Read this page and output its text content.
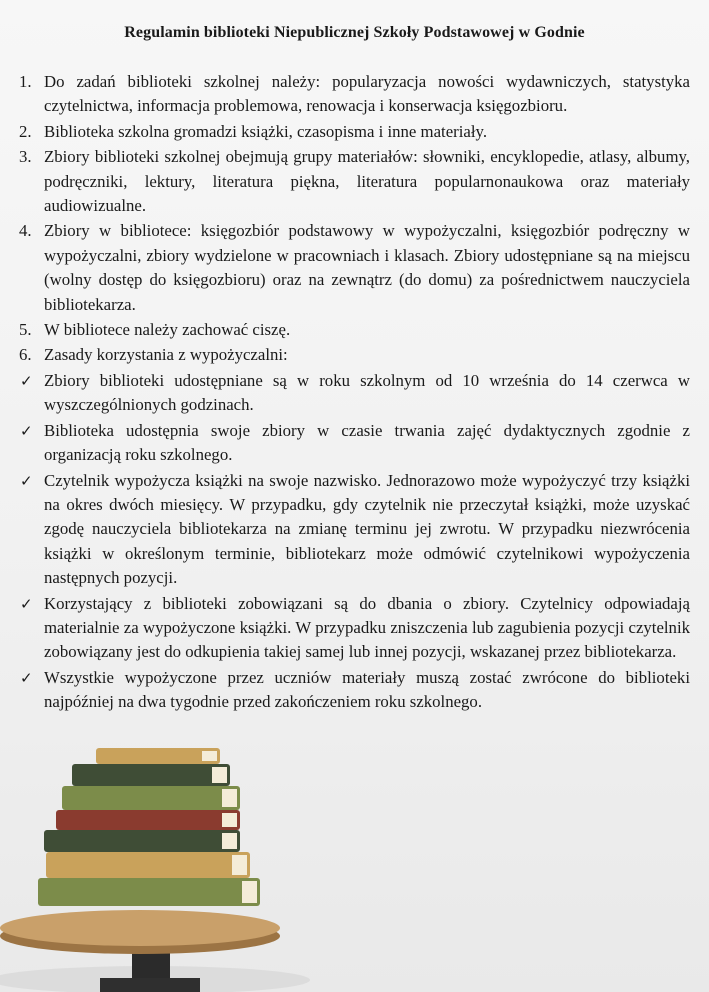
Regulamin biblioteki Niepublicznej Szkoły Podstawowej w Godnie
1. Do zadań biblioteki szkolnej należy: popularyzacja nowości wydawniczych, statystyka czytelnictwa, informacja problemowa, renowacja i konserwacja księgozbioru.
2. Biblioteka szkolna gromadzi książki, czasopisma i inne materiały.
3. Zbiory biblioteki szkolnej obejmują grupy materiałów: słowniki, encyklopedie, atlasy, albumy, podręczniki, lektury, literatura piękna, literatura popularnonaukowa oraz materiały audiowizualne.
4. Zbiory w bibliotece: księgozbiór podstawowy w wypożyczalni, księgozbiór podręczny w wypożyczalni, zbiory wydzielone w pracowniach i klasach. Zbiory udostępniane są na miejscu (wolny dostęp do księgozbioru) oraz na zewnątrz (do domu) za pośrednictwem nauczyciela bibliotekarza.
5. W bibliotece należy zachować ciszę.
6. Zasady korzystania z wypożyczalni:
✓ Zbiory biblioteki udostępniane są w roku szkolnym od 10 września do 14 czerwca w wyszczególnionych godzinach.
✓ Biblioteka udostępnia swoje zbiory w czasie trwania zajęć dydaktycznych zgodnie z organizacją roku szkolnego.
✓ Czytelnik wypożycza książki na swoje nazwisko. Jednorazowo może wypożyczyć trzy książki na okres dwóch miesięcy. W przypadku, gdy czytelnik nie przeczytał książki, może uzyskać zgodę nauczyciela bibliotekarza na zmianę terminu jej zwrotu. W przypadku niezwrócenia książki w określonym terminie, bibliotekarz może odmówić czytelnikowi wypożyczenia następnych pozycji.
✓ Korzystający z biblioteki zobowiązani są do dbania o zbiory. Czytelnicy odpowiadają materialnie za wypożyczone książki. W przypadku zniszczenia lub zagubienia pozycji czytelnik zobowiązany jest do odkupienia takiej samej lub innej pozycji, wskazanej przez bibliotekarza.
✓ Wszystkie wypożyczone przez uczniów materiały muszą zostać zwrócone do biblioteki najpóźniej na dwa tygodnie przed zakończeniem roku szkolnego.
